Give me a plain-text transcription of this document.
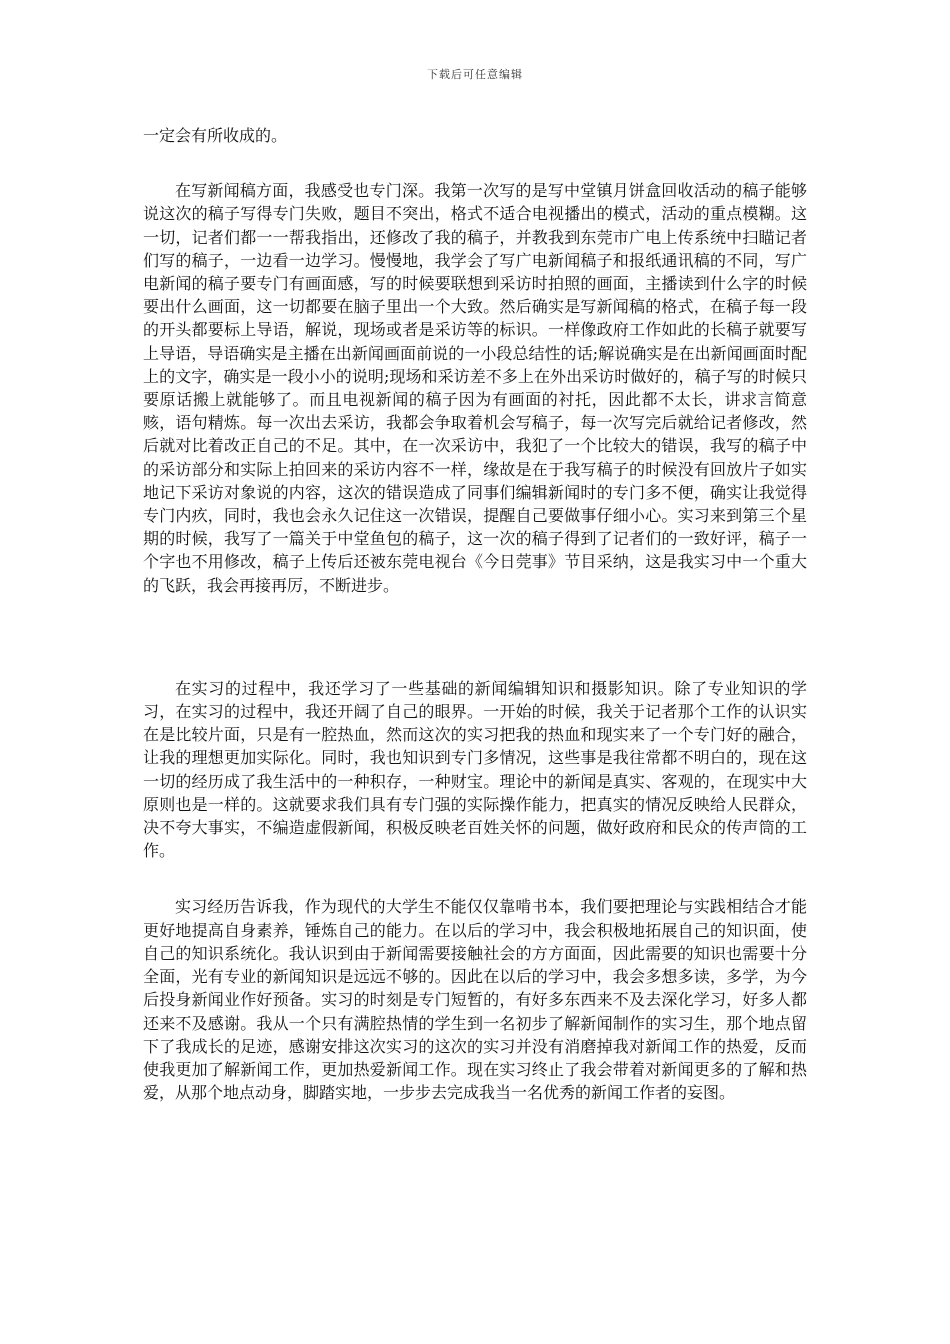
下载后可任意编辑

一定会有所收成的。

在写新闻稿方面，我感受也专门深。我第一次写的是写中堂镇月饼盒回收活动的稿子能够说这次的稿子写得专门失败，题目不突出，格式不适合电视播出的模式，活动的重点模糊。这一切，记者们都一一帮我指出，还修改了我的稿子，并教我到东莞市广电上传系统中扫瞄记者们写的稿子，一边看一边学习。慢慢地，我学会了写广电新闻稿子和报纸通讯稿的不同，写广电新闻的稿子要专门有画面感，写的时候要联想到采访时拍照的画面，主播读到什么字的时候要出什么画面，这一切都要在脑子里出一个大致。然后确实是写新闻稿的格式，在稿子每一段的开头都要标上导语，解说，现场或者是采访等的标识。一样像政府工作如此的长稿子就要写上导语，导语确实是主播在出新闻画面前说的一小段总结性的话;解说确实是在出新闻画面时配上的文字，确实是一段小小的说明;现场和采访差不多上在外出采访时做好的，稿子写的时候只要原话搬上就能够了。而且电视新闻的稿子因为有画面的衬托，因此都不太长，讲求言简意赅，语句精炼。每一次出去采访，我都会争取着机会写稿子，每一次写完后就给记者修改，然后就对比着改正自己的不足。其中，在一次采访中，我犯了一个比较大的错误，我写的稿子中的采访部分和实际上拍回来的采访内容不一样，缘故是在于我写稿子的时候没有回放片子如实地记下采访对象说的内容，这次的错误造成了同事们编辑新闻时的专门多不便，确实让我觉得专门内疚，同时，我也会永久记住这一次错误，提醒自己要做事仔细小心。实习来到第三个星期的时候，我写了一篇关于中堂鱼包的稿子，这一次的稿子得到了记者们的一致好评，稿子一个字也不用修改，稿子上传后还被东莞电视台《今日莞事》节目采纳，这是我实习中一个重大的飞跃，我会再接再厉，不断进步。

在实习的过程中，我还学习了一些基础的新闻编辑知识和摄影知识。除了专业知识的学习，在实习的过程中，我还开阔了自己的眼界。一开始的时候，我关于记者那个工作的认识实在是比较片面，只是有一腔热血，然而这次的实习把我的热血和现实来了一个专门好的融合，让我的理想更加实际化。同时，我也知识到专门多情况，这些事是我往常都不明白的，现在这一切的经历成了我生活中的一种积存，一种财宝。理论中的新闻是真实、客观的，在现实中大原则也是一样的。这就要求我们具有专门强的实际操作能力，把真实的情况反映给人民群众，决不夸大事实，不编造虚假新闻，积极反映老百姓关怀的问题，做好政府和民众的传声筒的工作。

实习经历告诉我，作为现代的大学生不能仅仅靠啃书本，我们要把理论与实践相结合才能更好地提高自身素养，锤炼自己的能力。在以后的学习中，我会积极地拓展自己的知识面，使自己的知识系统化。我认识到由于新闻需要接触社会的方方面面，因此需要的知识也需要十分全面，光有专业的新闻知识是远远不够的。因此在以后的学习中，我会多想多读，多学，为今后投身新闻业作好预备。实习的时刻是专门短暂的，有好多东西来不及去深化学习，好多人都还来不及感谢。我从一个只有满腔热情的学生到一名初步了解新闻制作的实习生，那个地点留下了我成长的足迹，感谢安排这次实习的这次的实习并没有消磨掉我对新闻工作的热爱，反而使我更加了解新闻工作，更加热爱新闻工作。现在实习终止了我会带着对新闻更多的了解和热爱，从那个地点动身，脚踏实地，一步步去完成我当一名优秀的新闻工作者的妄图。
